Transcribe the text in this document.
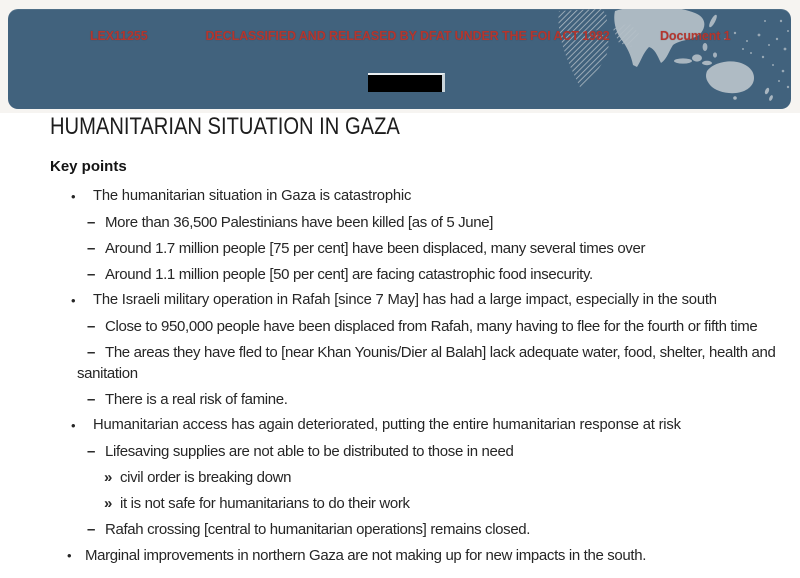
LEX11255	DECLASSIFIED AND RELEASED BY DFAT UNDER THE FOI ACT 1982	Document 1
HUMANITARIAN SITUATION IN GAZA
Key points
• The humanitarian situation in Gaza is catastrophic
– More than 36,500 Palestinians have been killed [as of 5 June]
– Around 1.7 million people [75 per cent] have been displaced, many several times over
– Around 1.1 million people [50 per cent] are facing catastrophic food insecurity.
• The Israeli military operation in Rafah [since 7 May] has had a large impact, especially in the south
– Close to 950,000 people have been displaced from Rafah, many having to flee for the fourth or fifth time
– The areas they have fled to [near Khan Younis/Dier al Balah] lack adequate water, food, shelter, health and sanitation
– There is a real risk of famine.
• Humanitarian access has again deteriorated, putting the entire humanitarian response at risk
– Lifesaving supplies are not able to be distributed to those in need
» civil order is breaking down
» it is not safe for humanitarians to do their work
– Rafah crossing [central to humanitarian operations] remains closed.
• Marginal improvements in northern Gaza are not making up for new impacts in the south.
